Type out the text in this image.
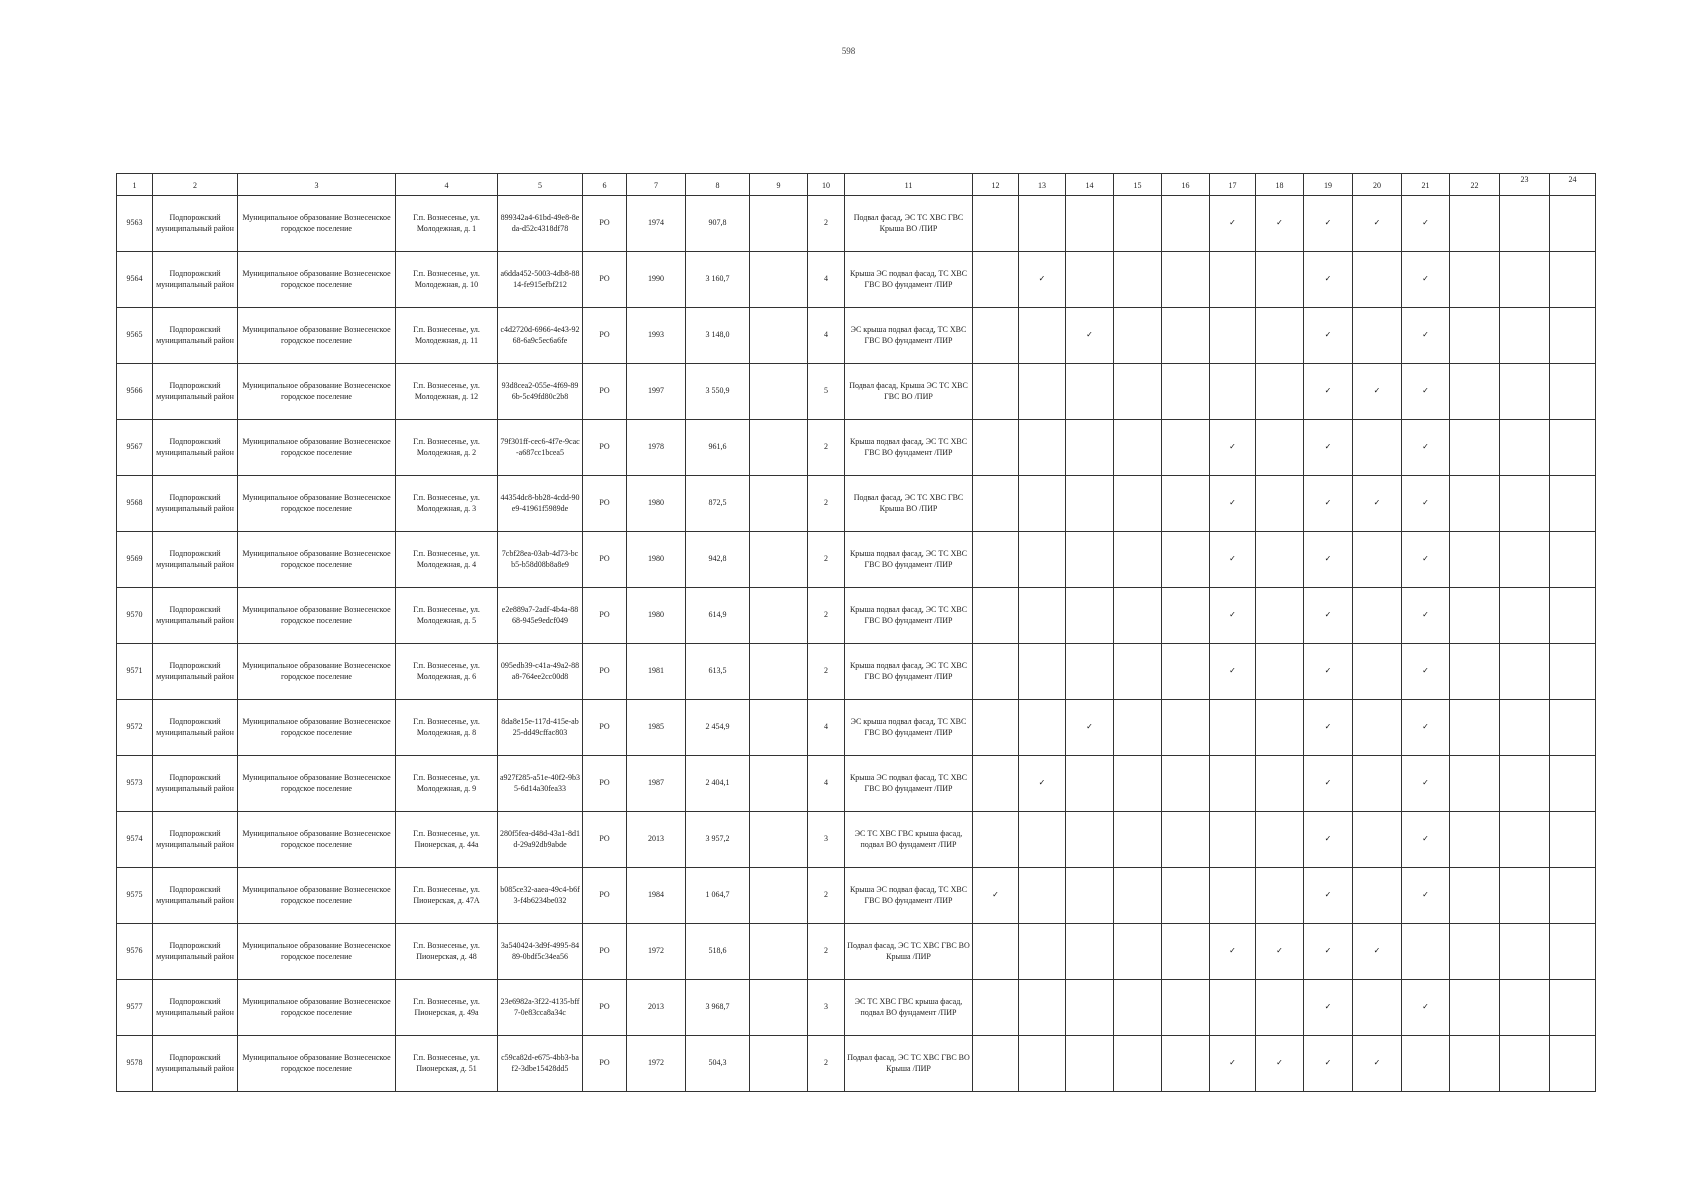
598
1	2	3	4	5	6	7	8	9	10	11	12	13	14	15	16	17	18	19	20	21	22	23	24
9563	Подпорожский муниципальный район	Муниципальное образование Вознесенское городское поселение	Г.п. Вознесенье, ул. Молодежная, д. 1	899342a4-61bd-49e8-8eda-d52c4318df78	РО	1974	907,8		2	Подвал фасад, ЭС ТС ХВС ГВС Крыша ВО /ПИР						✓	✓	✓	✓	✓			
9564	Подпорожский муниципальный район	Муниципальное образование Вознесенское городское поселение	Г.п. Вознесенье, ул. Молодежная, д. 10	a6dda452-5003-4db8-8814-fe915efbf212	РО	1990	3 160,7		4	Крыша ЭС подвал фасад, ТС ХВС ГВС ВО фундамент /ПИР		✓						✓		✓			
9565	Подпорожский муниципальный район	Муниципальное образование Вознесенское городское поселение	Г.п. Вознесенье, ул. Молодежная, д. 11	c4d2720d-6966-4e43-9268-6a9c5ec6a6fe	РО	1993	3 148,0		4	ЭС крыша подвал фасад, ТС ХВС ГВС ВО фундамент /ПИР			✓					✓		✓			
9566	Подпорожский муниципальный район	Муниципальное образование Вознесенское городское поселение	Г.п. Вознесенье, ул. Молодежная, д. 12	93d8cea2-055e-4f69-896b-5c49fd80c2b8	РО	1997	3 550,9		5	Подвал фасад, Крыша ЭС ТС ХВС ГВС ВО /ПИР								✓	✓	✓			
9567	Подпорожский муниципальный район	Муниципальное образование Вознесенское городское поселение	Г.п. Вознесенье, ул. Молодежная, д. 2	79f301ff-cec6-4f7e-9cac-a687cc1bcea5	РО	1978	961,6		2	Крыша подвал фасад, ЭС ТС ХВС ГВС ВО фундамент /ПИР						✓		✓		✓			
9568	Подпорожский муниципальный район	Муниципальное образование Вознесенское городское поселение	Г.п. Вознесенье, ул. Молодежная, д. 3	44354dc8-bb28-4cdd-90e9-41961f5989de	РО	1980	872,5		2	Подвал фасад, ЭС ТС ХВС ГВС Крыша ВО /ПИР						✓		✓	✓	✓			
9569	Подпорожский муниципальный район	Муниципальное образование Вознесенское городское поселение	Г.п. Вознесенье, ул. Молодежная, д. 4	7cbf28ea-03ab-4d73-bcb5-b58d08b8a8e9	РО	1980	942,8		2	Крыша подвал фасад, ЭС ТС ХВС ГВС ВО фундамент /ПИР						✓		✓		✓			
9570	Подпорожский муниципальный район	Муниципальное образование Вознесенское городское поселение	Г.п. Вознесенье, ул. Молодежная, д. 5	e2e889a7-2adf-4b4a-8868-945e9edcf049	РО	1980	614,9		2	Крыша подвал фасад, ЭС ТС ХВС ГВС ВО фундамент /ПИР						✓		✓		✓			
9571	Подпорожский муниципальный район	Муниципальное образование Вознесенское городское поселение	Г.п. Вознесенье, ул. Молодежная, д. 6	095edb39-c41a-49a2-88a8-764ee2cc00d8	РО	1981	613,5		2	Крыша подвал фасад, ЭС ТС ХВС ГВС ВО фундамент /ПИР						✓		✓		✓			
9572	Подпорожский муниципальный район	Муниципальное образование Вознесенское городское поселение	Г.п. Вознесенье, ул. Молодежная, д. 8	8da8e15e-117d-415e-ab25-dd49cffac803	РО	1985	2 454,9		4	ЭС крыша подвал фасад, ТС ХВС ГВС ВО фундамент /ПИР			✓					✓		✓			
9573	Подпорожский муниципальный район	Муниципальное образование Вознесенское городское поселение	Г.п. Вознесенье, ул. Молодежная, д. 9	a927f285-a51e-40f2-9b35-6d14a30fea33	РО	1987	2 404,1		4	Крыша ЭС подвал фасад, ТС ХВС ГВС ВО фундамент /ПИР		✓						✓		✓			
9574	Подпорожский муниципальный район	Муниципальное образование Вознесенское городское поселение	Г.п. Вознесенье, ул. Пионерская, д. 44а	280f5fea-d48d-43a1-8d1d-29a92db9abde	РО	2013	3 957,2		3	ЭС ТС ХВС ГВС крыша фасад, подвал ВО фундамент /ПИР								✓		✓			
9575	Подпорожский муниципальный район	Муниципальное образование Вознесенское городское поселение	Г.п. Вознесенье, ул. Пионерская, д. 47А	b085ce32-aaea-49c4-b6f3-f4b6234be032	РО	1984	1 064,7		2	Крыша ЭС подвал фасад, ТС ХВС ГВС ВО фундамент /ПИР	✓							✓		✓			
9576	Подпорожский муниципальный район	Муниципальное образование Вознесенское городское поселение	Г.п. Вознесенье, ул. Пионерская, д. 48	3a540424-3d9f-4995-8489-0bdf5c34ea56	РО	1972	518,6		2	Подвал фасад, ЭС ТС ХВС ГВС ВО Крыша /ПИР						✓	✓	✓	✓				
9577	Подпорожский муниципальный район	Муниципальное образование Вознесенское городское поселение	Г.п. Вознесенье, ул. Пионерская, д. 49а	23e6982a-3f22-4135-bff7-0e83cca8a34c	РО	2013	3 968,7		3	ЭС ТС ХВС ГВС крыша фасад, подвал ВО фундамент /ПИР								✓		✓			
9578	Подпорожский муниципальный район	Муниципальное образование Вознесенское городское поселение	Г.п. Вознесенье, ул. Пионерская, д. 51	c59ca82d-e675-4bb3-baf2-3dbe15428dd5	РО	1972	504,3		2	Подвал фасад, ЭС ТС ХВС ГВС ВО Крыша /ПИР						✓	✓	✓	✓				
